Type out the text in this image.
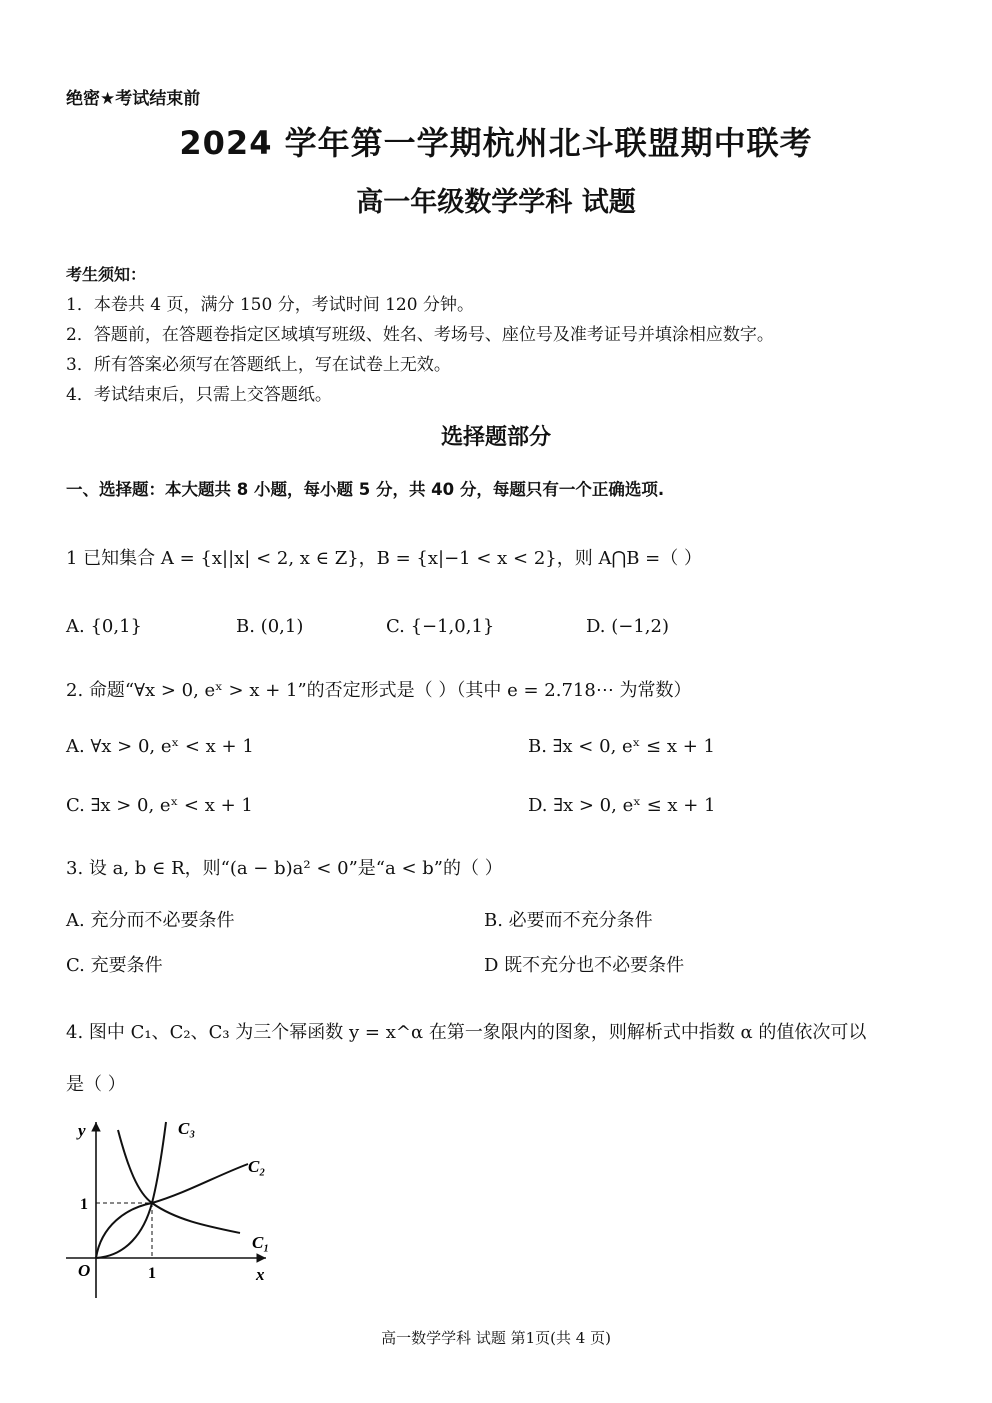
绝密★考试结束前
2024 学年第一学期杭州北斗联盟期中联考
高一年级数学学科 试题
考生须知：
1．本卷共 4 页，满分 150 分，考试时间 120 分钟。
2．答题前，在答题卷指定区域填写班级、姓名、考场号、座位号及准考证号并填涂相应数字。
3．所有答案必须写在答题纸上，写在试卷上无效。
4．考试结束后，只需上交答题纸。
选择题部分
一、选择题：本大题共 8 小题，每小题 5 分，共 40 分，每题只有一个正确选项.
1 已知集合 A = {x||x| < 2, x ∈ Z}，B = {x|−1 < x < 2}，则 A⋂B =（ ）
A. {0,1}	B. (0,1)	C. {−1,0,1}	D. (−1,2)
2. 命题“∀x > 0, eˣ > x + 1”的否定形式是（ ）（其中 e = 2.718⋯ 为常数）
A. ∀x > 0, eˣ < x + 1	B. ∃x < 0, eˣ ≤ x + 1
C. ∃x > 0, eˣ < x + 1	D. ∃x > 0, eˣ ≤ x + 1
3. 设 a, b ∈ R，则“(a − b)a² < 0”是“a < b”的（ ）
A. 充分而不必要条件	B. 必要而不充分条件
C. 充要条件	D 既不充分也不必要条件
4. 图中 C₁、C₂、C₃ 为三个幂函数 y = x^α 在第一象限内的图象，则解析式中指数 α 的值依次可以
是（ ）
y
x
O	1
1
C₃
C₂
C₁
高一数学学科 试题 第1页(共 4 页)
